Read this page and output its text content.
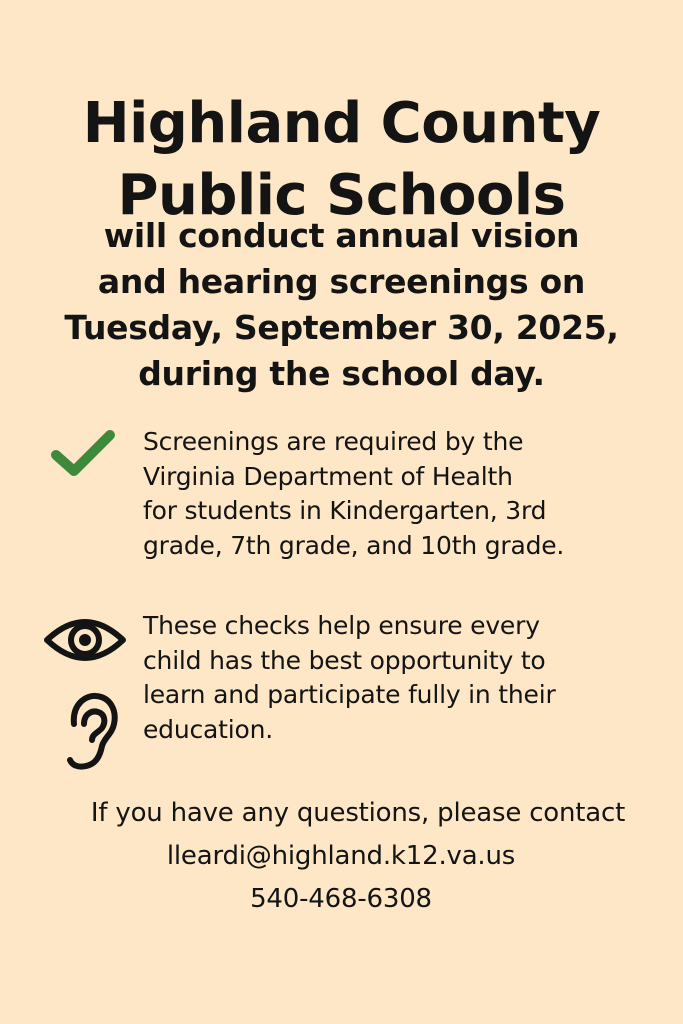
Highland County
Public Schools
will conduct annual vision
and hearing screenings on
Tuesday, September 30, 2025,
during the school day.
Screenings are required by the
Virginia Department of Health
for students in Kindergarten, 3rd
grade, 7th grade, and 10th grade.
These checks help ensure every
child has the best opportunity to
learn and participate fully in their
education.
If you have any questions, please contact
lleardi@highland.k12.va.us
540-468-6308
